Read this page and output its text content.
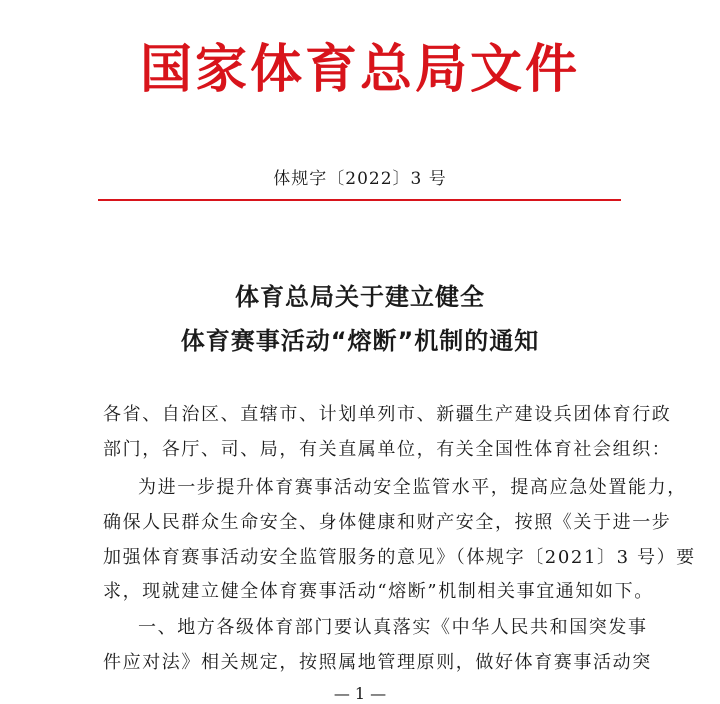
国家体育总局文件
体规字〔2022〕3 号
体育总局关于建立健全
体育赛事活动“熔断”机制的通知
各省、自治区、直辖市、计划单列市、新疆生产建设兵团体育行政
部门，各厅、司、局，有关直属单位，有关全国性体育社会组织：
为进一步提升体育赛事活动安全监管水平，提高应急处置能力，
确保人民群众生命安全、身体健康和财产安全，按照《关于进一步
加强体育赛事活动安全监管服务的意见》（体规字〔2021〕3 号）要
求，现就建立健全体育赛事活动“熔断”机制相关事宜通知如下。
一、地方各级体育部门要认真落实《中华人民共和国突发事
件应对法》相关规定，按照属地管理原则，做好体育赛事活动突
— 1 —
